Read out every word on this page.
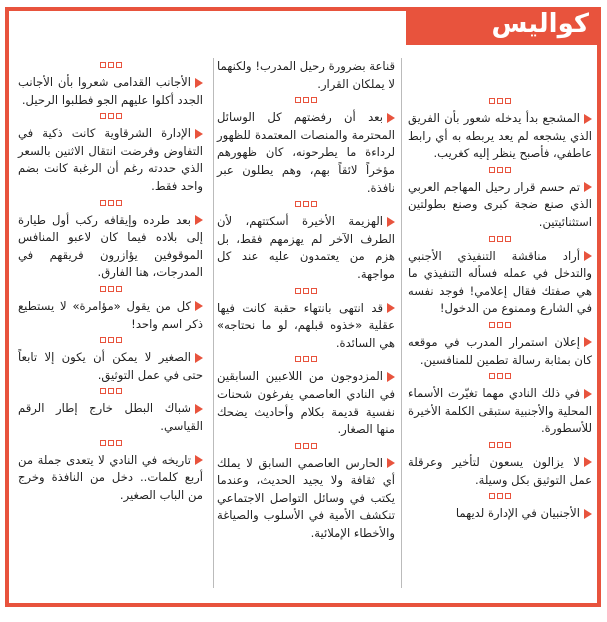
كواليس

المشجع بدأ يدخله شعور بأن الفريق الذي يشجعه لم يعد يربطه به أي رابط عاطفي، فأصبح ينظر إليه كغريب.

تم حسم قرار رحيل المهاجم العربي الذي صنع ضجة كبرى وصنع بطولتين استثنائيتين.

أراد مناقشة التنفيذي الأجنبي والتدخل في عمله فسأله التنفيذي ما هي صفتك فقال إعلامي! فوجد نفسه في الشارع وممنوع من الدخول!

إعلان استمرار المدرب في موقعه كان بمثابة رسالة تطمين للمنافسين.

في ذلك النادي مهما تغيّرت الأسماء المحلية والأجنبية ستبقى الكلمة الأخيرة للأسطورة.

لا يزالون يسعون لتأخير وعرقلة عمل التوثيق بكل وسيلة.

الأجنبيان في الإدارة لديهما

قناعة بضرورة رحيل المدرب! ولكنهما لا يملكان القرار.

بعد أن رفضتهم كل الوسائل المحترمة والمنصات المعتمدة للظهور لرداءة ما يطرحونه، كان ظهورهم مؤخراً لائقاً بهم، وهم يطلون عبر نافذة.

الهزيمة الأخيرة أسكتتهم، لأن الطرف الآخر لم يهزمهم فقط، بل هزم من يعتمدون عليه عند كل مواجهة.

قد انتهى بانتهاء حقبة كانت فيها عقلية «خذوه قبلهم، لو ما نحتاجه» هي السائدة.

المزدوجون من اللاعبين السابقين في النادي العاصمي يفرغون شحنات نفسية قديمة بكلام وأحاديث يضحك منها الصغار.

الحارس العاصمي السابق لا يملك أي ثقافة ولا يجيد الحديث، وعندما يكتب في وسائل التواصل الاجتماعي تنكشف الأمية في الأسلوب والصياغة والأخطاء الإملائية.

الأجانب القدامى شعروا بأن الأجانب الجدد أكلوا عليهم الجو فطلبوا الرحيل.

الإدارة الشرقاوية كانت ذكية في التفاوض وفرضت انتقال الاثنين بالسعر الذي حددته رغم أن الرغبة كانت بضم واحد فقط.

بعد طرده وإيقافه ركب أول طيارة إلى بلاده فيما كان لاعبو المنافس الموقوفين يؤازرون فريقهم في المدرجات، هنا الفارق.

كل من يقول «مؤامرة» لا يستطيع ذكر اسم واحد!

الصغير لا يمكن أن يكون إلا تابعاً حتى في عمل التوثيق.

شباك البطل خارج إطار الرقم القياسي.

تاريخه في النادي لا يتعدى جملة من أربع كلمات.. دخل من النافذة وخرج من الباب الصغير.
